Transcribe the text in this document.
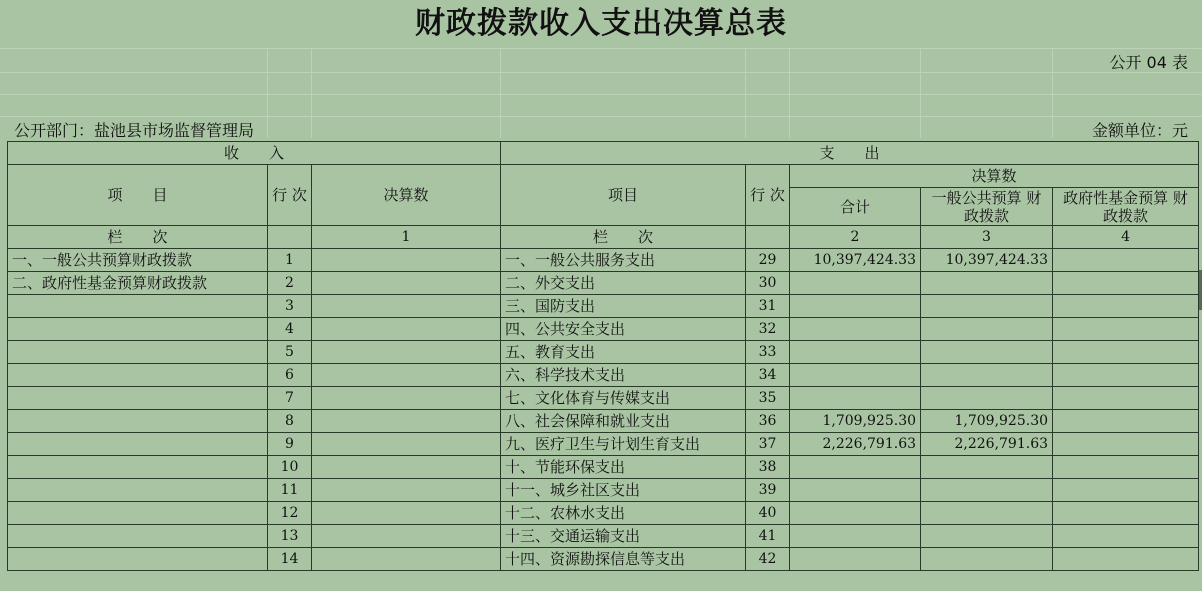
财政拨款收入支出决算总表
公开 04 表
公开部门：盐池县市场监督管理局	金额单位：元
收　　入			支　　出				
项　　目	行 次	决算数	项目	行 次	决算数		
					合计	一般公共预算 财政拨款	政府性基金预算 财政拨款
栏　　次		1	栏　　次		2	3	4
一、一般公共预算财政拨款	1		一、一般公共服务支出	29	10,397,424.33	10,397,424.33	
二、政府性基金预算财政拨款	2		二、外交支出	30			
	3		三、国防支出	31			
	4		四、公共安全支出	32			
	5		五、教育支出	33			
	6		六、科学技术支出	34			
	7		七、文化体育与传媒支出	35			
	8		八、社会保障和就业支出	36	1,709,925.30	1,709,925.30	
	9		九、医疗卫生与计划生育支出	37	2,226,791.63	2,226,791.63	
	10		十、节能环保支出	38			
	11		十一、城乡社区支出	39			
	12		十二、农林水支出	40			
	13		十三、交通运输支出	41			
	14		十四、资源勘探信息等支出	42			
